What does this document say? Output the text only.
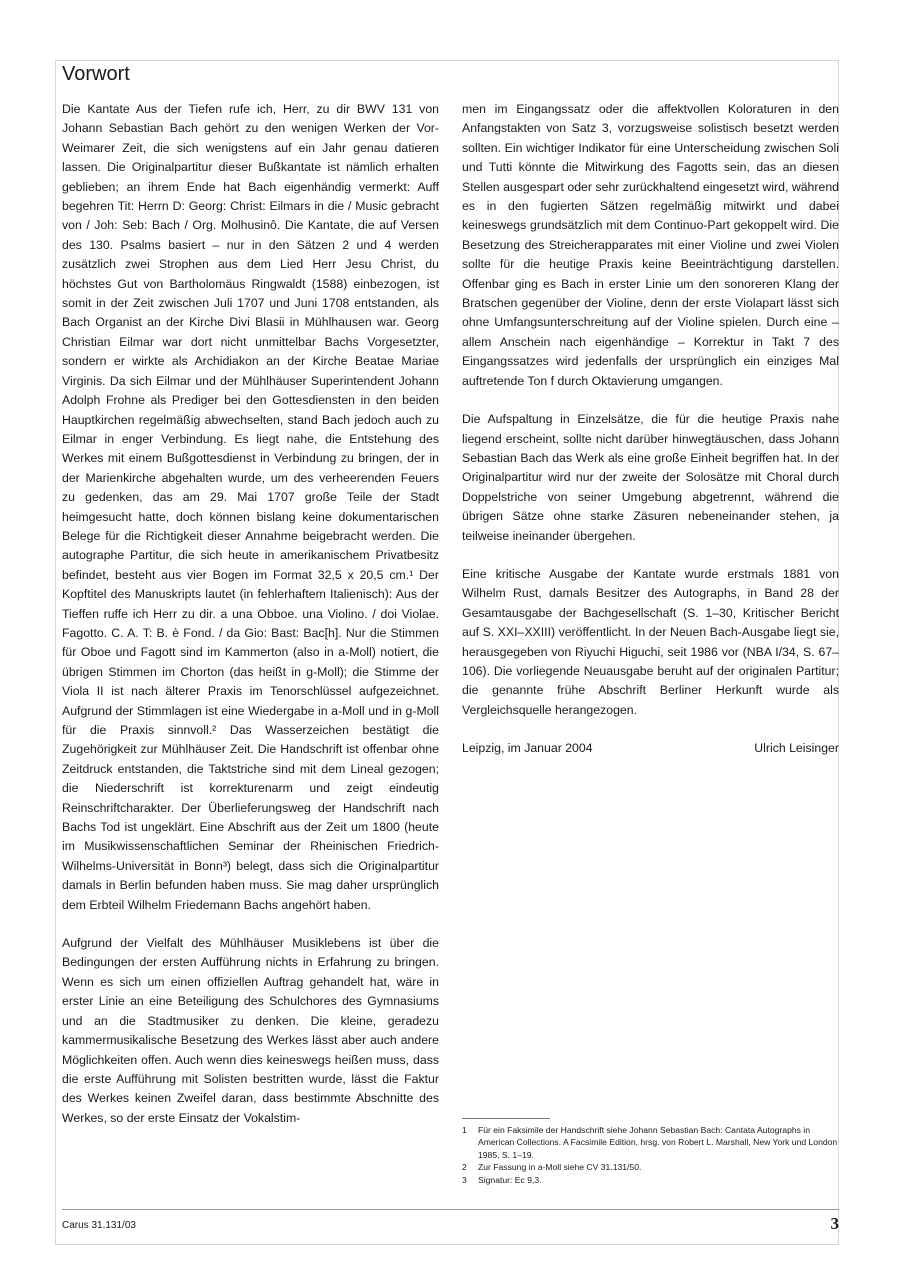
Vorwort

Die Kantate Aus der Tiefen rufe ich, Herr, zu dir BWV 131 von Johann Sebastian Bach gehört zu den wenigen Werken der Vor-Weimarer Zeit, die sich wenigstens auf ein Jahr genau datieren lassen. Die Originalpartitur dieser Bußkantate ist nämlich erhalten geblieben; an ihrem Ende hat Bach eigenhändig vermerkt: Auff begehren Tit: Herrn D: Georg: Christ: Eilmars in die / Music gebracht von / Joh: Seb: Bach / Org. Molhusinô. Die Kantate, die auf Versen des 130. Psalms basiert – nur in den Sätzen 2 und 4 werden zusätzlich zwei Strophen aus dem Lied Herr Jesu Christ, du höchstes Gut von Bartholomäus Ringwaldt (1588) einbezogen, ist somit in der Zeit zwischen Juli 1707 und Juni 1708 entstanden, als Bach Organist an der Kirche Divi Blasii in Mühlhausen war. Georg Christian Eilmar war dort nicht unmittelbar Bachs Vorgesetzter, sondern er wirkte als Archidiakon an der Kirche Beatae Mariae Virginis. Da sich Eilmar und der Mühlhäuser Superintendent Johann Adolph Frohne als Prediger bei den Gottesdiensten in den beiden Hauptkirchen regelmäßig abwechselten, stand Bach jedoch auch zu Eilmar in enger Verbindung. Es liegt nahe, die Entstehung des Werkes mit einem Bußgottesdienst in Verbindung zu bringen, der in der Marienkirche abgehalten wurde, um des verheerenden Feuers zu gedenken, das am 29. Mai 1707 große Teile der Stadt heimgesucht hatte, doch können bislang keine dokumentarischen Belege für die Richtigkeit dieser Annahme beigebracht werden. Die autographe Partitur, die sich heute in amerikanischem Privatbesitz befindet, besteht aus vier Bogen im Format 32,5 x 20,5 cm.¹ Der Kopftitel des Manuskripts lautet (in fehlerhaftem Italienisch): Aus der Tieffen ruffe ich Herr zu dir. a una Obboe. una Violino. / doi Violae. Fagotto. C. A. T: B. è Fond. / da Gio: Bast: Bac[h]. Nur die Stimmen für Oboe und Fagott sind im Kammerton (also in a-Moll) notiert, die übrigen Stimmen im Chorton (das heißt in g-Moll); die Stimme der Viola II ist nach älterer Praxis im Tenorschlüssel aufgezeichnet. Aufgrund der Stimmlagen ist eine Wiedergabe in a-Moll und in g-Moll für die Praxis sinnvoll.² Das Wasserzeichen bestätigt die Zugehörigkeit zur Mühlhäuser Zeit. Die Handschrift ist offenbar ohne Zeitdruck entstanden, die Taktstriche sind mit dem Lineal gezogen; die Niederschrift ist korrekturenarm und zeigt eindeutig Reinschriftcharakter. Der Überlieferungsweg der Handschrift nach Bachs Tod ist ungeklärt. Eine Abschrift aus der Zeit um 1800 (heute im Musikwissenschaftlichen Seminar der Rheinischen Friedrich-Wilhelms-Universität in Bonn³) belegt, dass sich die Originalpartitur damals in Berlin befunden haben muss. Sie mag daher ursprünglich dem Erbteil Wilhelm Friedemann Bachs angehört haben.

Aufgrund der Vielfalt des Mühlhäuser Musiklebens ist über die Bedingungen der ersten Aufführung nichts in Erfahrung zu bringen. Wenn es sich um einen offiziellen Auftrag gehandelt hat, wäre in erster Linie an eine Beteiligung des Schulchores des Gymnasiums und an die Stadtmusiker zu denken. Die kleine, geradezu kammermusikalische Besetzung des Werkes lässt aber auch andere Möglichkeiten offen. Auch wenn dies keineswegs heißen muss, dass die erste Aufführung mit Solisten bestritten wurde, lässt die Faktur des Werkes keinen Zweifel daran, dass bestimmte Abschnitte des Werkes, so der erste Einsatz der Vokalstim-

men im Eingangssatz oder die affektvollen Koloraturen in den Anfangstakten von Satz 3, vorzugsweise solistisch besetzt werden sollten. Ein wichtiger Indikator für eine Unterscheidung zwischen Soli und Tutti könnte die Mitwirkung des Fagotts sein, das an diesen Stellen ausgespart oder sehr zurückhaltend eingesetzt wird, während es in den fugierten Sätzen regelmäßig mitwirkt und dabei keineswegs grundsätzlich mit dem Continuo-Part gekoppelt wird. Die Besetzung des Streicherapparates mit einer Violine und zwei Violen sollte für die heutige Praxis keine Beeinträchtigung darstellen. Offenbar ging es Bach in erster Linie um den sonoreren Klang der Bratschen gegenüber der Violine, denn der erste Violapart lässt sich ohne Umfangsunterschreitung auf der Violine spielen. Durch eine – allem Anschein nach eigenhändige – Korrektur in Takt 7 des Eingangssatzes wird jedenfalls der ursprünglich ein einziges Mal auftretende Ton f durch Oktavierung umgangen.

Die Aufspaltung in Einzelsätze, die für die heutige Praxis nahe liegend erscheint, sollte nicht darüber hinwegtäuschen, dass Johann Sebastian Bach das Werk als eine große Einheit begriffen hat. In der Originalpartitur wird nur der zweite der Solosätze mit Choral durch Doppelstriche von seiner Umgebung abgetrennt, während die übrigen Sätze ohne starke Zäsuren nebeneinander stehen, ja teilweise ineinander übergehen.

Eine kritische Ausgabe der Kantate wurde erstmals 1881 von Wilhelm Rust, damals Besitzer des Autographs, in Band 28 der Gesamtausgabe der Bachgesellschaft (S. 1–30, Kritischer Bericht auf S. XXI–XXIII) veröffentlicht. In der Neuen Bach-Ausgabe liegt sie, herausgegeben von Riyuchi Higuchi, seit 1986 vor (NBA I/34, S. 67–106). Die vorliegende Neuausgabe beruht auf der originalen Partitur; die genannte frühe Abschrift Berliner Herkunft wurde als Vergleichsquelle herangezogen.

Leipzig, im Januar 2004	Ulrich Leisinger
1	Für ein Faksimile der Handschrift siehe Johann Sebastian Bach: Cantata Autographs in American Collections. A Facsimile Edition, hrsg. von Robert L. Marshall, New York und London 1985, S. 1–19.
2	Zur Fassung in a-Moll siehe CV 31.131/50.
3	Signatur: Ec 9,3.
Carus 31.131/03	3
